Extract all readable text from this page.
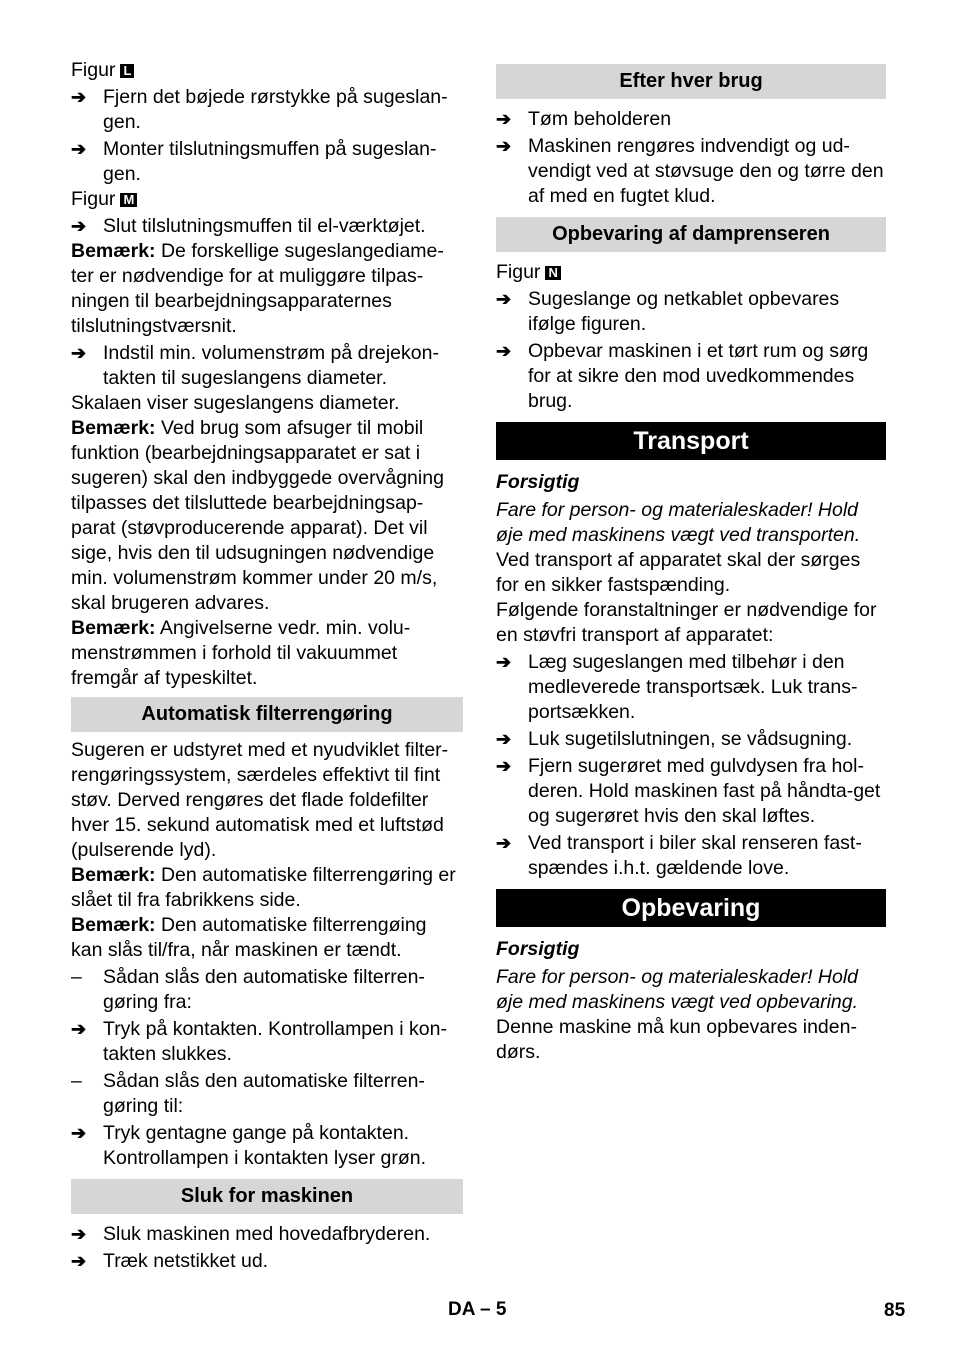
Figur L
➔ Fjern det bøjede rørstykke på sugeslan-gen.
➔ Monter tilslutningsmuffen på sugeslan-gen.
Figur M
➔ Slut tilslutningsmuffen til el-værktøjet.
Bemærk: De forskellige sugeslangediame-ter er nødvendige for at muliggøre tilpas-ningen til bearbejdningsapparaternes tilslutningstværsnit.
➔ Indstil min. volumenstrøm på drejekon-takten til sugeslangens diameter.
Skalaen viser sugeslangens diameter.
Bemærk: Ved brug som afsuger til mobil funktion (bearbejdningsapparatet er sat i sugeren) skal den indbyggede overvågning tilpasses det tilsluttede bearbejdningsap-parat (støvproducerende apparat). Det vil sige, hvis den til udsugningen nødvendige min. volumenstrøm kommer under 20 m/s, skal brugeren advares.
Bemærk: Angivelserne vedr. min. volu-menstrømmen i forhold til vakuummet fremgår af typeskiltet.
Automatisk filterrengøring
Sugeren er udstyret med et nyudviklet filter-rengøringssystem, særdeles effektivt til fint støv. Derved rengøres det flade foldefilter hver 15. sekund automatisk med et luftstød (pulserende lyd).
Bemærk: Den automatiske filterrengøring er slået til fra fabrikkens side.
Bemærk: Den automatiske filterrengøing kan slås til/fra, når maskinen er tændt.
–	Sådan slås den automatiske filterren-gøring fra:
➔ Tryk på kontakten. Kontrollampen i kon-takten slukkes.
–	Sådan slås den automatiske filterren-gøring til:
➔ Tryk gentagne gange på kontakten. Kontrollampen i kontakten lyser grøn.
Sluk for maskinen
➔ Sluk maskinen med hovedafbryderen.
➔ Træk netstikket ud.
Efter hver brug
➔ Tøm beholderen
➔ Maskinen rengøres indvendigt og ud-vendigt ved at støvsuge den og tørre den af med en fugtet klud.
Opbevaring af damprenseren
Figur N
➔ Sugeslange og netkablet opbevares ifølge figuren.
➔ Opbevar maskinen i et tørt rum og sørg for at sikre den mod uvedkommendes brug.
Transport
Forsigtig
Fare for person- og materialeskader! Hold øje med maskinens vægt ved transporten.
Ved transport af apparatet skal der sørges for en sikker fastspænding.
Følgende foranstaltninger er nødvendige for en støvfri transport af apparatet:
➔ Læg sugeslangen med tilbehør i den medleverede transportsæk. Luk trans-portsækken.
➔ Luk sugetilslutningen, se vådsugning.
➔ Fjern sugerøret med gulvdysen fra hol-deren. Hold maskinen fast på håndta-get og sugerøret hvis den skal løftes.
➔ Ved transport i biler skal renseren fast-spændes i.h.t. gældende love.
Opbevaring
Forsigtig
Fare for person- og materialeskader! Hold øje med maskinens vægt ved opbevaring.
Denne maskine må kun opbevares inden-dørs.
DA – 5	85
